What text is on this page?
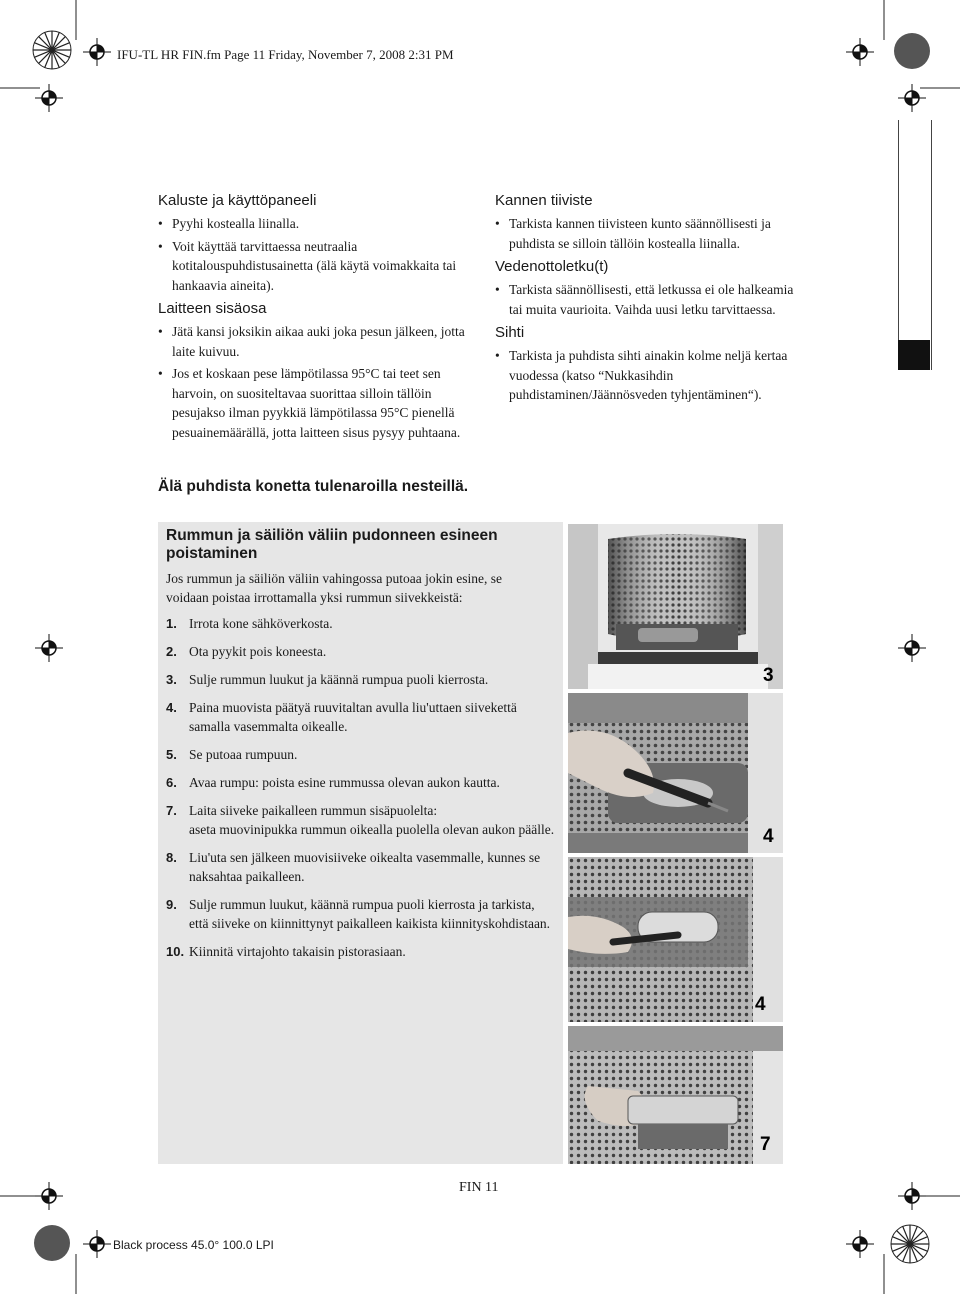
IFU-TL HR FIN.fm Page 11 Friday, November 7, 2008 2:31 PM
Black process 45.0° 100.0 LPI
Kaluste ja käyttöpaneeli
• Pyyhi kostealla liinalla.
• Voit käyttää tarvittaessa neutraalia kotitalouspuhdistusainetta (älä käytä voimakkaita tai hankaavia aineita).
Laitteen sisäosa
• Jätä kansi joksikin aikaa auki joka pesun jälkeen, jotta laite kuivuu.
• Jos et koskaan pese lämpötilassa 95°C tai teet sen harvoin, on suositeltavaa suorittaa silloin tällöin pesujakso ilman pyykkiä lämpötilassa 95°C pienellä pesuainemäärällä, jotta laitteen sisus pysyy puhtaana.
Kannen tiiviste
• Tarkista kannen tiivisteen kunto säännöllisesti ja puhdista se silloin tällöin kostealla liinalla.
Vedenottoletku(t)
• Tarkista säännöllisesti, että letkussa ei ole halkeamia tai muita vaurioita. Vaihda uusi letku tarvittaessa.
Sihti
• Tarkista ja puhdista sihti ainakin kolme neljä kertaa vuodessa (katso “Nukkasihdin puhdistaminen/Jäännösveden tyhjentäminen“).
Älä puhdista konetta tulenaroilla nesteillä.
Rummun ja säiliön väliin pudonneen esineen poistaminen
Jos rummun ja säiliön väliin vahingossa putoaa jokin esine, se voidaan poistaa irrottamalla yksi rummun siivekkeistä:
1. Irrota kone sähköverkosta.
2. Ota pyykit pois koneesta.
3. Sulje rummun luukut ja käännä rumpua puoli kierrosta.
4. Paina muovista päätyä ruuvitaltan avulla liu'uttaen siivekettä samalla vasemmalta oikealle.
5. Se putoaa rumpuun.
6. Avaa rumpu: poista esine rummussa olevan aukon kautta.
7. Laita siiveke paikalleen rummun sisäpuolelta:
aseta muovinipukka rummun oikealla puolella olevan aukon päälle.
8. Liu'uta sen jälkeen muovisiiveke oikealta vasemmalle, kunnes se naksahtaa paikalleen.
9. Sulje rummun luukut, käännä rumpua puoli kierrosta ja tarkista, että siiveke on kiinnittynyt paikalleen kaikista kiinnityskohdistaan.
10. Kiinnitä virtajohto takaisin pistorasiaan.
3
4
4
7
FIN 11
